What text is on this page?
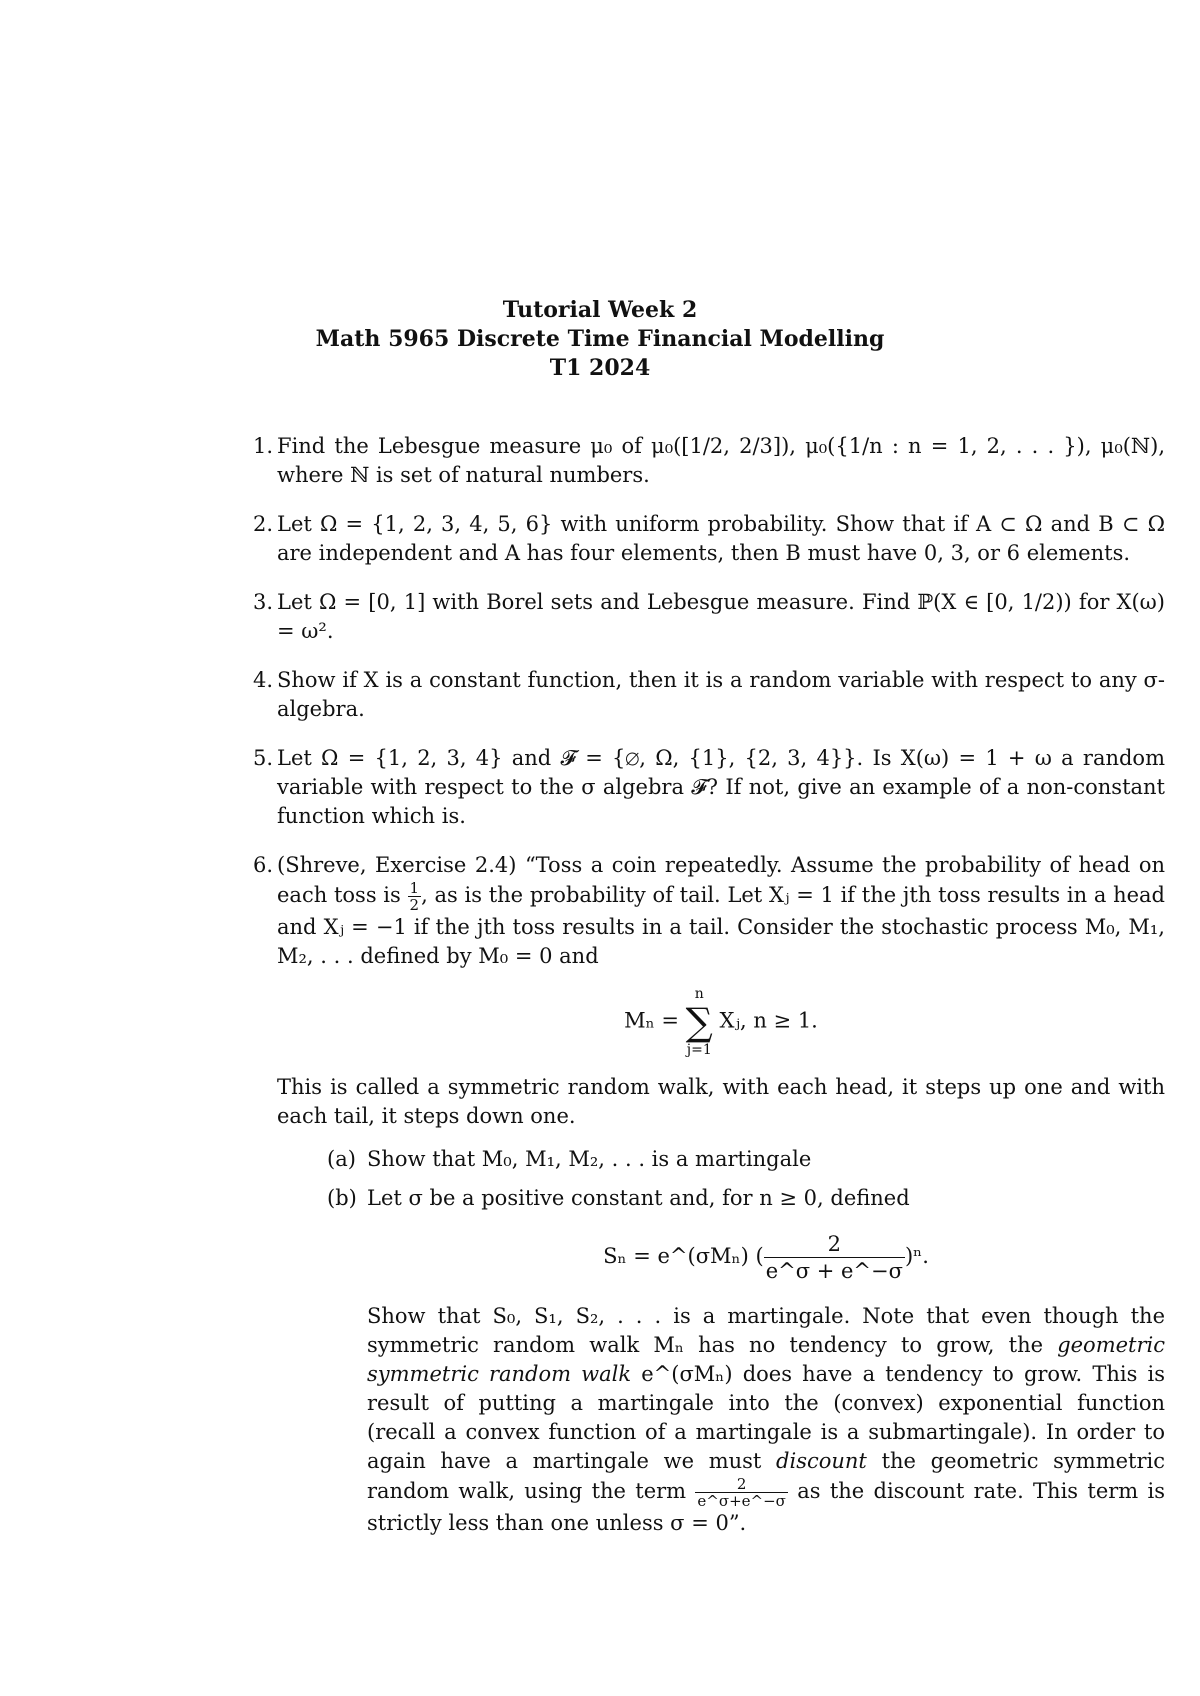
Tutorial Week 2
Math 5965 Discrete Time Financial Modelling
T1 2024
1. Find the Lebesgue measure μ₀ of μ₀([1/2, 2/3]), μ₀({1/n : n = 1, 2, . . . }), μ₀(ℕ), where ℕ is set of natural numbers.
2. Let Ω = {1, 2, 3, 4, 5, 6} with uniform probability. Show that if A ⊂ Ω and B ⊂ Ω are independent and A has four elements, then B must have 0, 3, or 6 elements.
3. Let Ω = [0, 1] with Borel sets and Lebesgue measure. Find ℙ(X ∈ [0, 1/2)) for X(ω) = ω².
4. Show if X is a constant function, then it is a random variable with respect to any σ-algebra.
5. Let Ω = {1, 2, 3, 4} and 𝓕 = {∅, Ω, {1}, {2, 3, 4}}. Is X(ω) = 1 + ω a random variable with respect to the σ algebra 𝓕? If not, give an example of a non-constant function which is.
6. (Shreve, Exercise 2.4) “Toss a coin repeatedly. Assume the probability of head on each toss is $\frac{1}{2}$ , as is the probability of tail. Let Xⱼ = 1 if the jth toss results in a head and Xⱼ = −1 if the jth toss results in a tail. Consider the stochastic process M₀, M₁, M₂, . . . defined by M₀ = 0 and
Mₙ =
n
∑
j=1
Xⱼ, n ≥ 1.
This is called a symmetric random walk, with each head, it steps up one and with each tail, it steps down one.
(a) Show that M₀, M₁, M₂, . . . is a martingale
(b) Let σ be a positive constant and, for n ≥ 0, defined
Sₙ = e^(σMₙ) ( $\frac{2}{e\^{}\sigma + e\^{}-\sigma} )^n$.
Show that S₀, S₁, S₂, . . . is a martingale. Note that even though the symmetric random walk Mₙ has no tendency to grow, the geometric symmetric random walk e^(σMₙ) does have a tendency to grow. This is result of putting a martingale into the (convex) exponential function (recall a convex function of a martingale is a submartingale). In order to again have a martingale we must discount the geometric symmetric random walk, using the term $\frac{2}{e\^{}\sigma+e\^{}-\sigma}$ as the discount rate. This term is strictly less than one unless σ = 0”.
